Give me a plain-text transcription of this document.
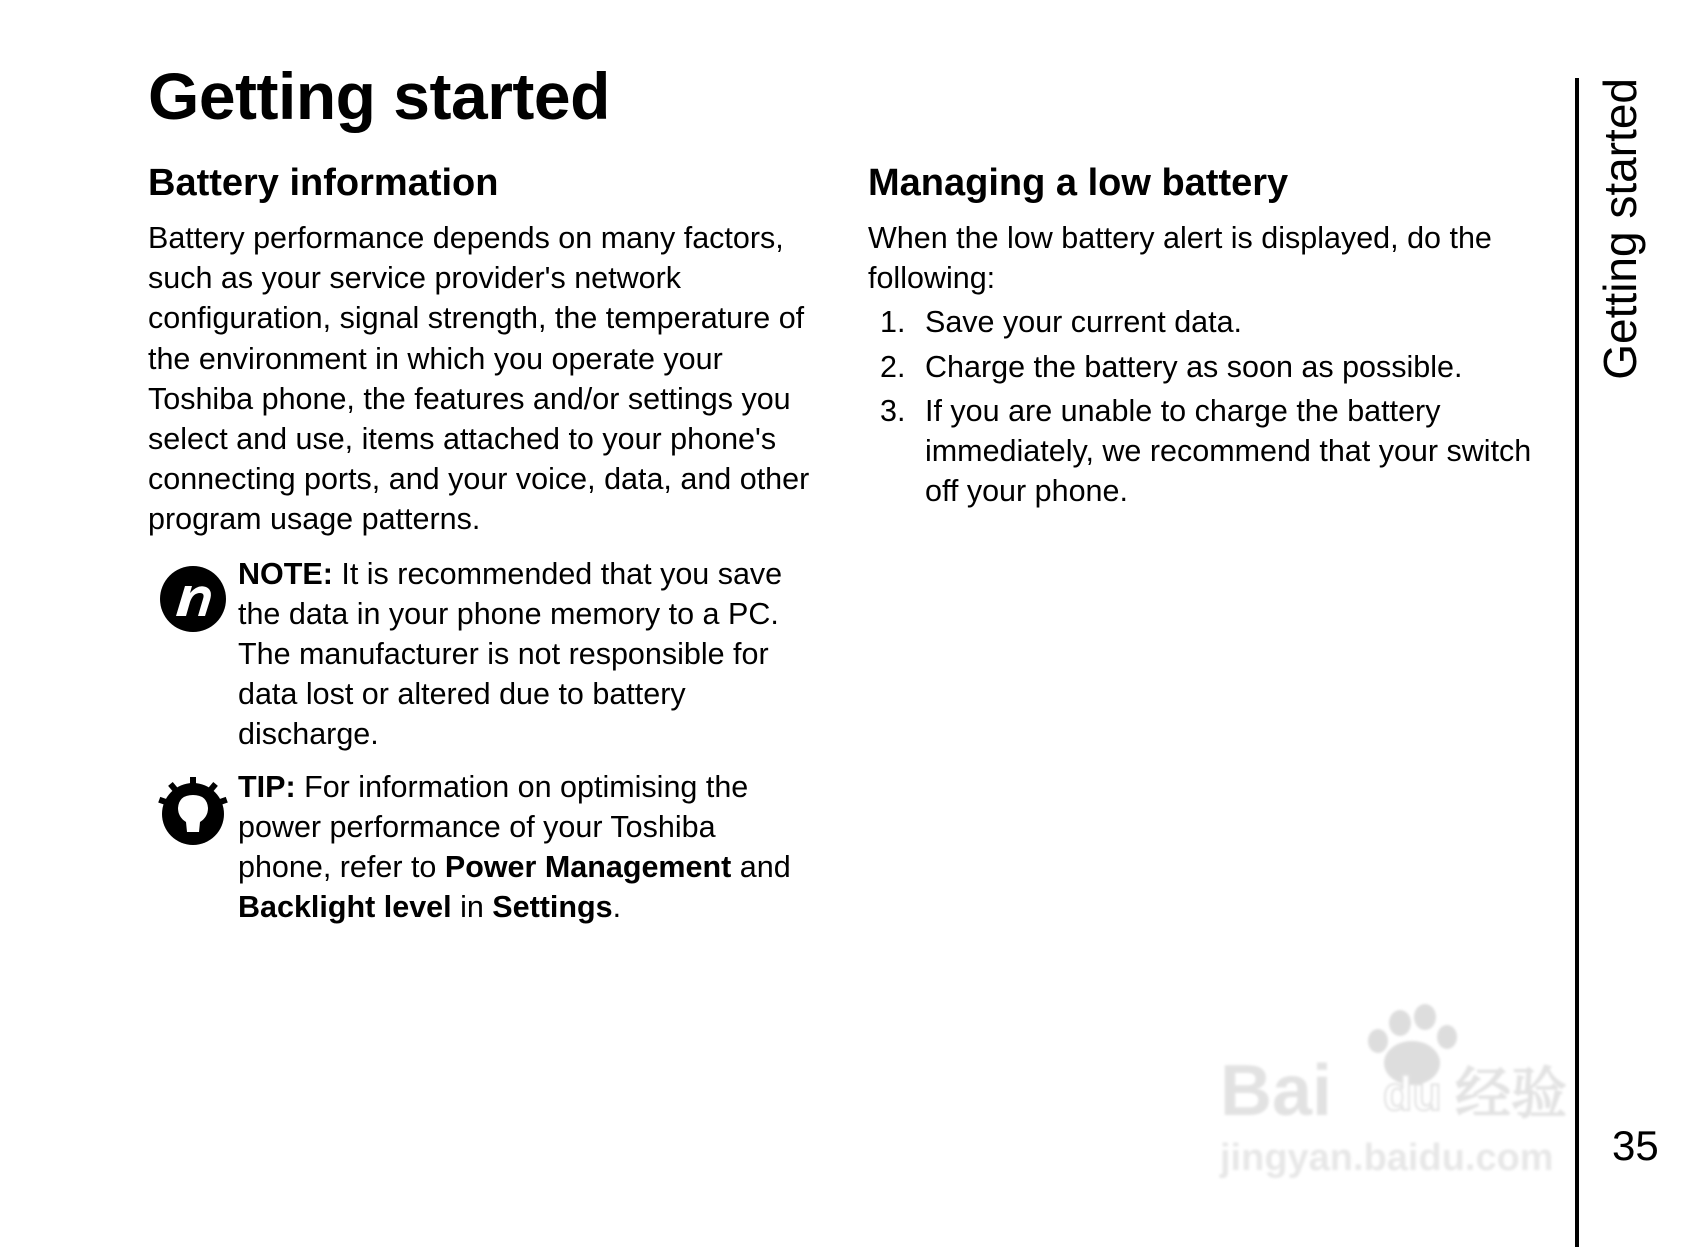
Getting started
Battery information

Battery performance depends on many factors,
such as your service provider's network
configuration, signal strength, the temperature of
the environment in which you operate your
Toshiba phone, the features and/or settings you
select and use, items attached to your phone's
connecting ports, and your voice, data, and other
program usage patterns.

NOTE: It is recommended that you save
the data in your phone memory to a PC.
The manufacturer is not responsible for
data lost or altered due to battery
discharge.
TIP: For information on optimising the
power performance of your Toshiba
phone, refer to Power Management and
Backlight level in Settings.
Managing a low battery

When the low battery alert is displayed, do the
following:

1. Save your current data.
2. Charge the battery as soon as possible.
3. If you are unable to charge the battery
immediately, we recommend that your switch
off your phone.
Getting started
35
Bai du 经验
jingyan.baidu.com
